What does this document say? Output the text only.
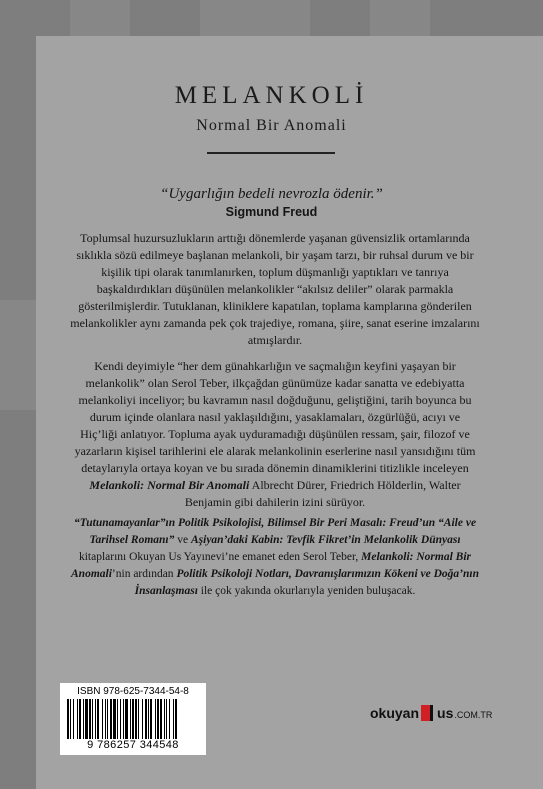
MELANKOLİ
Normal Bir Anomali
“Uygarlığın bedeli nevrozla ödenir.”
Sigmund Freud

Toplumsal huzursuzlukların arttığı dönemlerde yaşanan güvensizlik ortamlarında sıklıkla sözü edilmeye başlanan melankoli, bir yaşam tarzı, bir ruhsal durum ve bir kişilik tipi olarak tanımlanırken, toplum düşmanlığı yaptıkları ve tanrıya başkaldırdıkları düşünülen melankolikler “akılsız deliler” olarak parmakla gösterilmişlerdir. Tutuklanan, kliniklere kapatılan, toplama kamplarına gönderilen melankolikler aynı zamanda pek çok trajediye, romana, şiire, sanat eserine imzalarını atmışlardır.

Kendi deyimiyle “her dem günahkarlığın ve saçmalığın keyfini yaşayan bir melankolik” olan Serol Teber, ilkçağdan günümüze kadar sanatta ve edebiyatta melankoliyi inceliyor; bu kavramın nasıl doğduğunu, geliştiğini, tarih boyunca bu durum içinde olanlara nasıl yaklaşıldığını, yasaklamaları, özgürlüğü, acıyı ve Hiç’liği anlatıyor. Topluma ayak uyduramadığı düşünülen ressam, şair, filozof ve yazarların kişisel tarihlerini ele alarak melankolinin eserlerine nasıl yansıdığını tüm detaylarıyla ortaya koyan ve bu sırada dönemin dinamiklerini titizlikle inceleyen Melankoli: Normal Bir Anomali Albrecht Dürer, Friedrich Hölderlin, Walter Benjamin gibi dahilerin izini sürüyor.

“Tutunamayanlar”ın Politik Psikolojisi, Bilimsel Bir Peri Masalı: Freud’un “Aile ve Tarihsel Romanı” ve Aşiyan’daki Kabin: Tevfik Fikret’in Melankolik Dünyası kitaplarını Okuyan Us Yayınevi’ne emanet eden Serol Teber, Melankoli: Normal Bir Anomali’nin ardından Politik Psikoloji Notları, Davranışlarımızın Kökeni ve Doğa’nın İnsanlaşması ile çok yakında okurlarıyla yeniden buluşacak.

ISBN 978-625-7344-54-8
9 786257 344548
okuyan us .COM.TR
